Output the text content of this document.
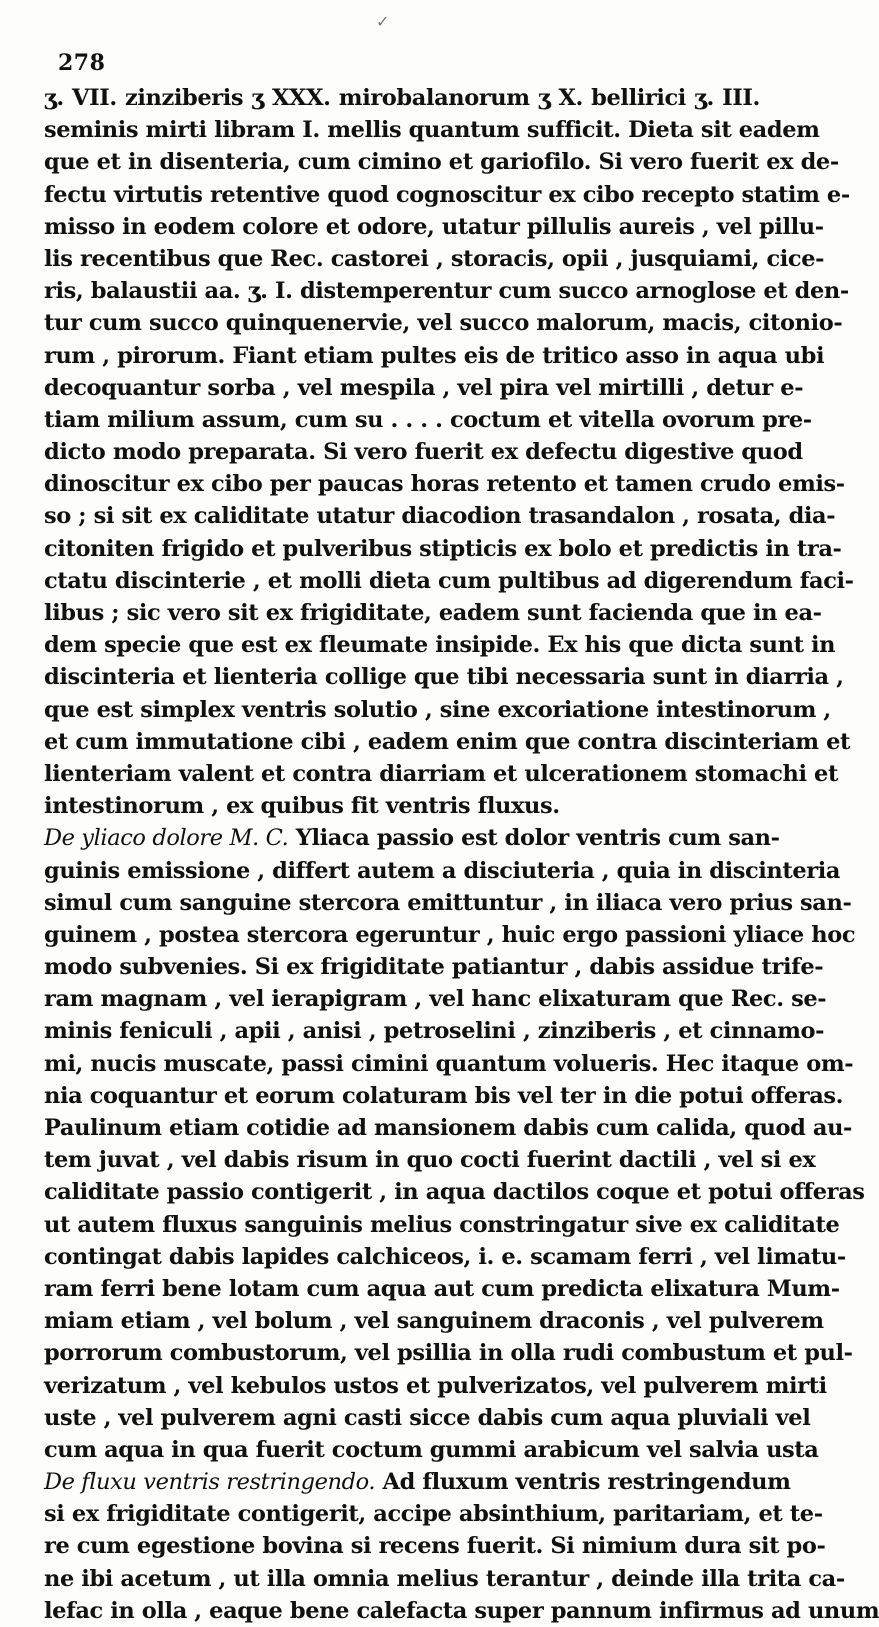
✓
278
ʒ. VII. zinziberis ʒ XXX. mirobalanorum ʒ X. bellirici ʒ. III.
seminis mirti libram I. mellis quantum sufficit. Dieta sit eadem
que et in disenteria, cum cimino et gariofilo. Si vero fuerit ex de-
fectu virtutis retentive quod cognoscitur ex cibo recepto statim e-
misso in eodem colore et odore, utatur pillulis aureis , vel pillu-
lis recentibus que Rec. castorei , storacis, opii , jusquiami, cice-
ris, balaustii aa. ʒ. I. distemperentur cum succo arnoglose et den-
tur cum succo quinquenervie, vel succo malorum, macis, citonio-
rum , pirorum. Fiant etiam pultes eis de tritico asso in aqua ubi
decoquantur sorba , vel mespila , vel pira vel mirtilli , detur e-
tiam milium assum, cum su . . . . coctum et vitella ovorum pre-
dicto modo preparata. Si vero fuerit ex defectu digestive quod
dinoscitur ex cibo per paucas horas retento et tamen crudo emis-
so ; si sit ex caliditate utatur diacodion trasandalon , rosata, dia-
citoniten frigido et pulveribus stipticis ex bolo et predictis in tra-
ctatu discinterie , et molli dieta cum pultibus ad digerendum faci-
libus ; sic vero sit ex frigiditate, eadem sunt facienda que in ea-
dem specie que est ex fleumate insipide. Ex his que dicta sunt in
discinteria et lienteria collige que tibi necessaria sunt in diarria ,
que est simplex ventris solutio , sine excoriatione intestinorum ,
et cum immutatione cibi , eadem enim que contra discinteriam et
lienteriam valent et contra diarriam et ulcerationem stomachi et
intestinorum , ex quibus fit ventris fluxus.
De yliaco dolore M. C. Yliaca passio est dolor ventris cum san-
guinis emissione , differt autem a disciuteria , quia in discinteria
simul cum sanguine stercora emittuntur , in iliaca vero prius san-
guinem , postea stercora egeruntur , huic ergo passioni yliace hoc
modo subvenies. Si ex frigiditate patiantur , dabis assidue trife-
ram magnam , vel ierapigram , vel hanc elixaturam que Rec. se-
minis feniculi , apii , anisi , petroselini , zinziberis , et cinnamo-
mi, nucis muscate, passi cimini quantum volueris. Hec itaque om-
nia coquantur et eorum colaturam bis vel ter in die potui offeras.
Paulinum etiam cotidie ad mansionem dabis cum calida, quod au-
tem juvat , vel dabis risum in quo cocti fuerint dactili , vel si ex
caliditate passio contigerit , in aqua dactilos coque et potui offeras
ut autem fluxus sanguinis melius constringatur sive ex caliditate
contingat dabis lapides calchiceos, i. e. scamam ferri , vel limatu-
ram ferri bene lotam cum aqua aut cum predicta elixatura Mum-
miam etiam , vel bolum , vel sanguinem draconis , vel pulverem
porrorum combustorum, vel psillia in olla rudi combustum et pul-
verizatum , vel kebulos ustos et pulverizatos, vel pulverem mirti
uste , vel pulverem agni casti sicce dabis cum aqua pluviali vel
cum aqua in qua fuerit coctum gummi arabicum vel salvia usta
De fluxu ventris restringendo. Ad fluxum ventris restringendum
si ex frigiditate contigerit, accipe absinthium, paritariam, et te-
re cum egestione bovina si recens fuerit. Si nimium dura sit po-
ne ibi acetum , ut illa omnia melius terantur , deinde illa trita ca-
lefac in olla , eaque bene calefacta super pannum infirmus ad unum
